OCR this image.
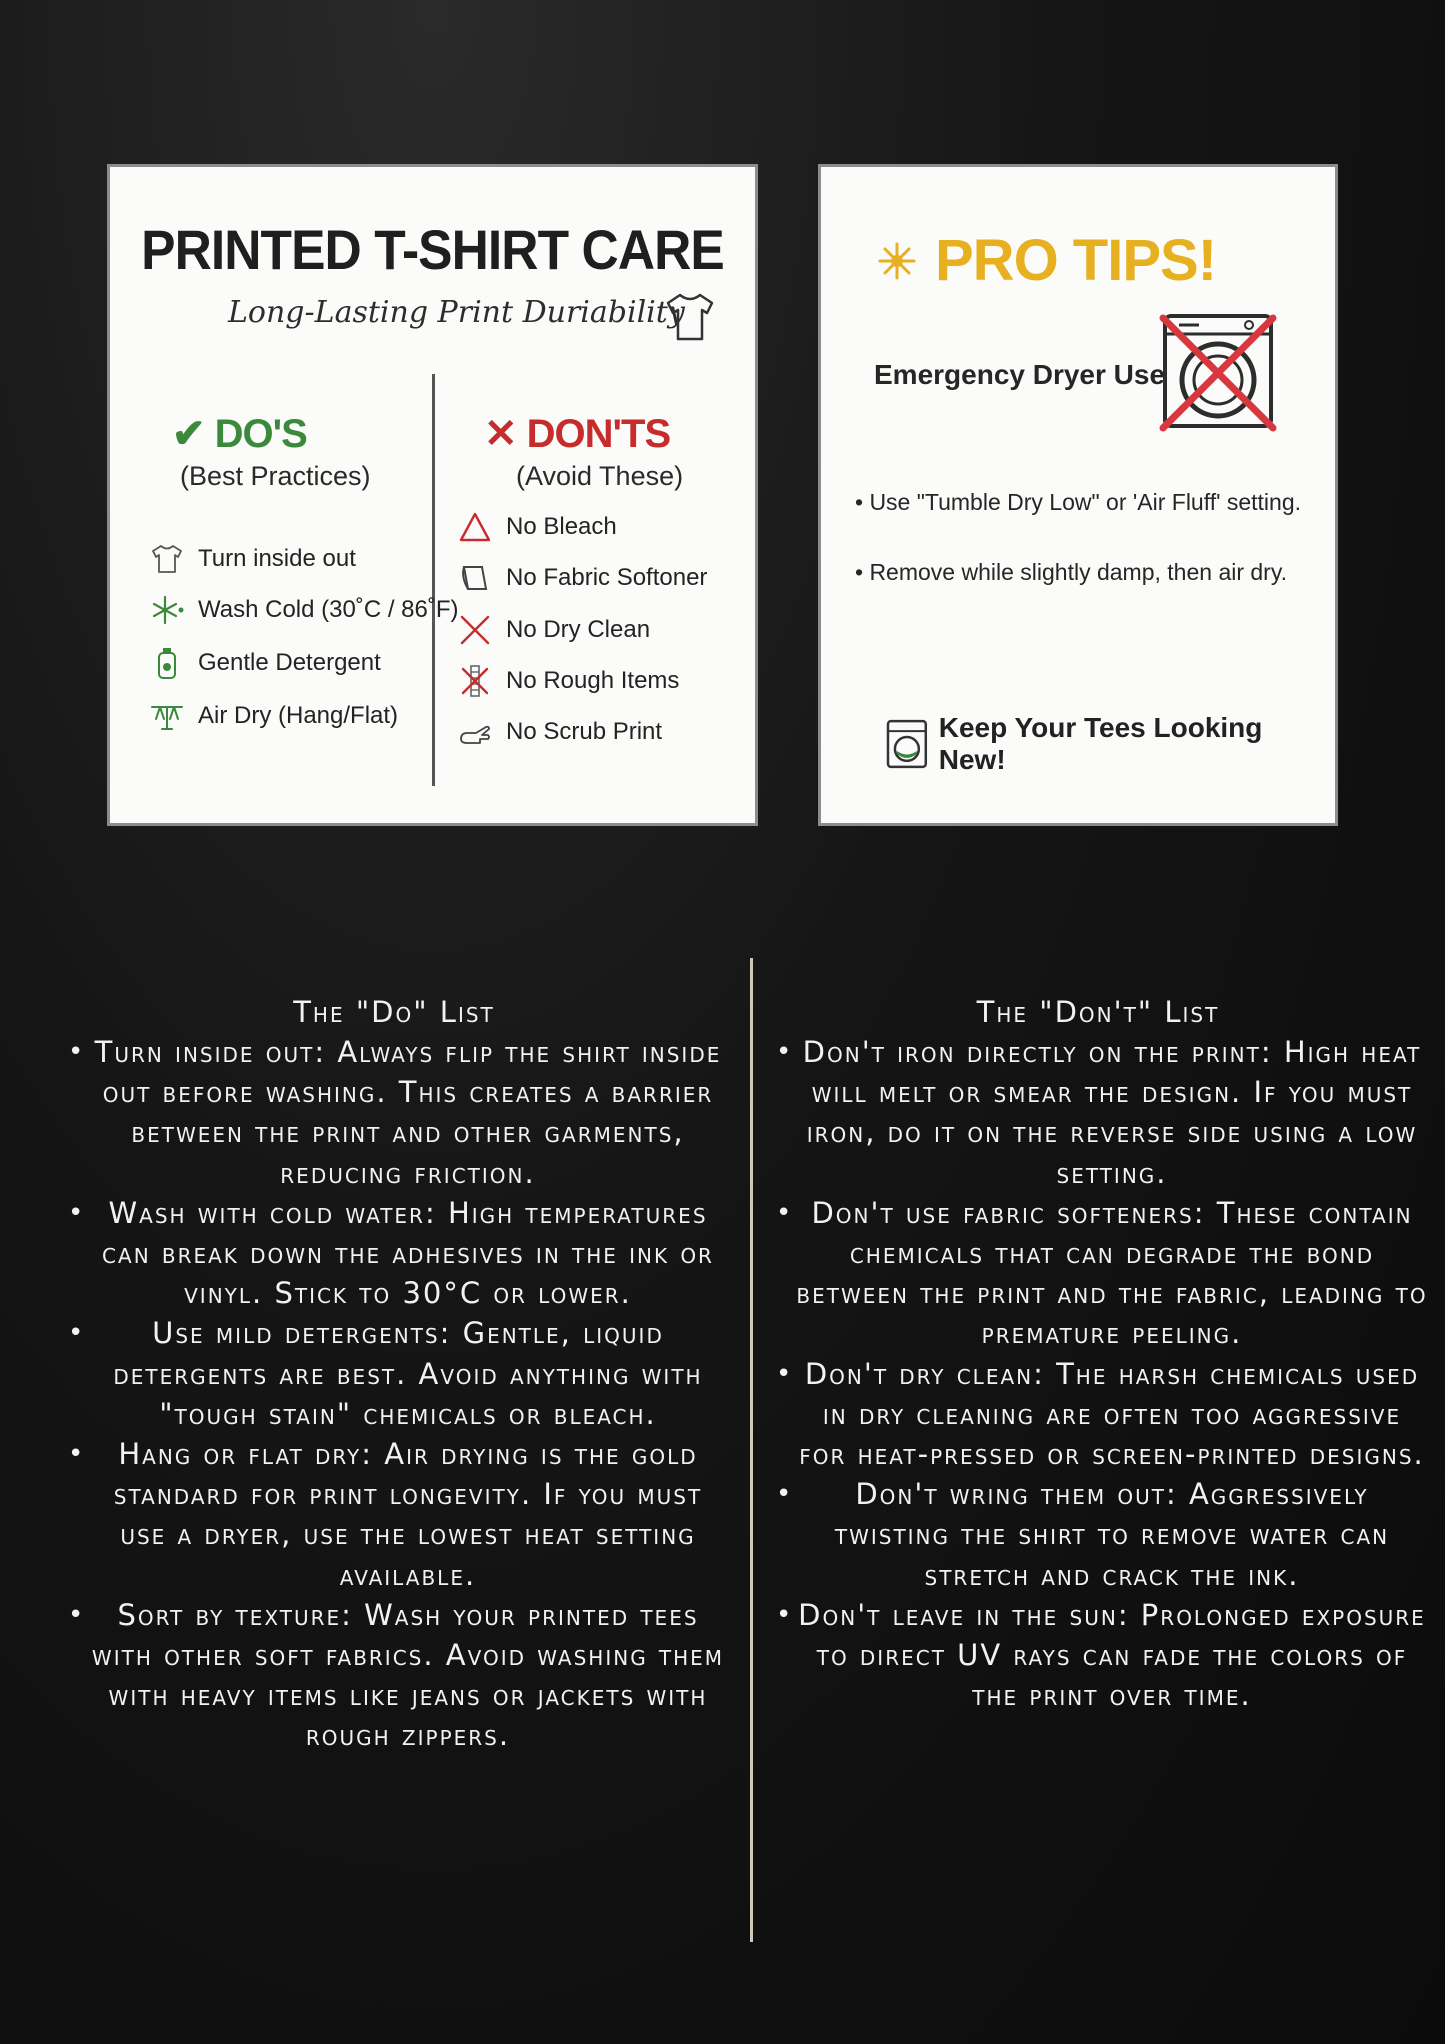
PRINTED T-SHIRT CARE
Long-Lasting Print Duriability
✔ DO'S
(Best Practices)
✕ DON'TS
(Avoid These)
Turn inside out
Wash Cold (30˚C / 86˚F)
Gentle Detergent
Air Dry (Hang/Flat)
No Bleach
No Fabric Softoner
No Dry Clean
No Rough Items
No Scrub Print
PRO TIPS!
Emergency Dryer Use
• Use "Tumble Dry Low" or 'Air Fluff' setting.
• Remove while slightly damp, then air dry.
Keep Your Tees Looking New!
The "Do" List
• Turn inside out: Always flip the shirt inside out before washing. This creates a barrier between the print and other garments, reducing friction.
• Wash with cold water: High temperatures can break down the adhesives in the ink or vinyl. Stick to 30°C or lower.
• Use mild detergents: Gentle, liquid detergents are best. Avoid anything with "tough stain" chemicals or bleach.
• Hang or flat dry: Air drying is the gold standard for print longevity. If you must use a dryer, use the lowest heat setting available.
• Sort by texture: Wash your printed tees with other soft fabrics. Avoid washing them with heavy items like jeans or jackets with rough zippers.
The "Don't" List
• Don't iron directly on the print: High heat will melt or smear the design. If you must iron, do it on the reverse side using a low setting.
• Don't use fabric softeners: These contain chemicals that can degrade the bond between the print and the fabric, leading to premature peeling.
• Don't dry clean: The harsh chemicals used in dry cleaning are often too aggressive for heat-pressed or screen-printed designs.
• Don't wring them out: Aggressively twisting the shirt to remove water can stretch and crack the ink.
• Don't leave in the sun: Prolonged exposure to direct UV rays can fade the colors of the print over time.
